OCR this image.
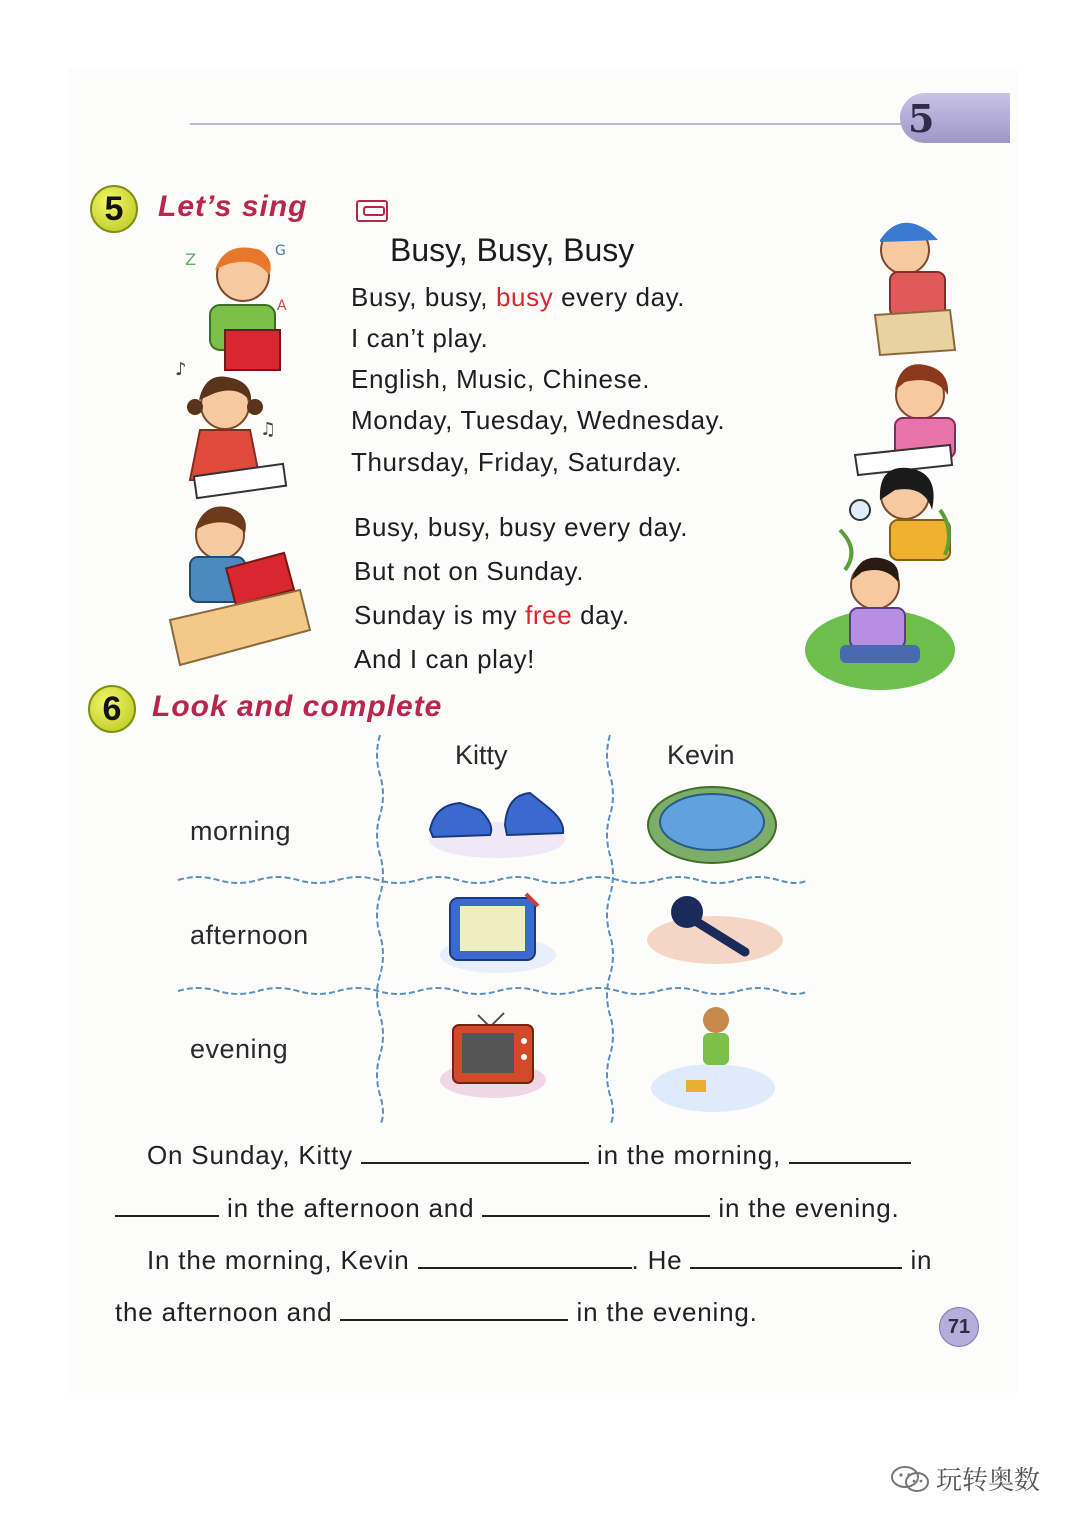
5
5	Let’s sing
Busy, Busy, Busy
Busy, busy, busy every day.
I can’t play.
English, Music, Chinese.
Monday, Tuesday, Wednesday.
Thursday, Friday, Saturday.
Busy, busy, busy every day.
But not on Sunday.
Sunday is my free day.
And I can play!
Z	G
A
♪
♫
6	Look and complete
Kitty	Kevin
morning
afternoon
evening
On Sunday, Kitty	in the morning,
in the afternoon and	in the evening.
In the morning, Kevin	. He	in
the afternoon and	in the evening.	71
玩转奥数
